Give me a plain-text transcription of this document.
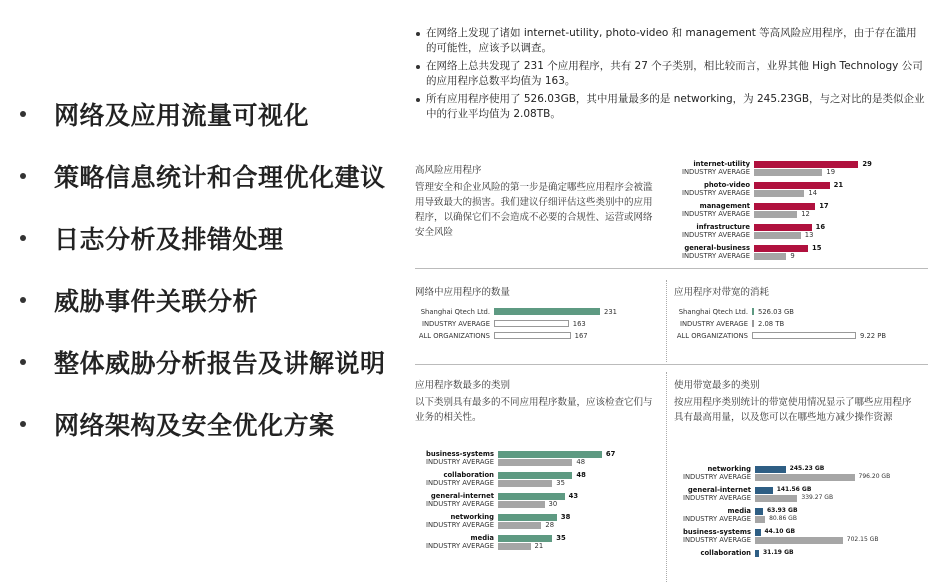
网络及应用流量可视化
策略信息统计和合理优化建议
日志分析及排错处理
威胁事件关联分析
整体威胁分析报告及讲解说明
网络架构及安全优化方案
在网络上发现了诸如 internet-utility, photo-video 和 management 等高风险应用程序，由于存在滥用的可能性，应该予以调查。
在网络上总共发现了 231 个应用程序，共有 27 个子类别，相比较而言，业界其他 High Technology 公司的应用程序总数平均值为 163。
所有应用程序使用了 526.03GB，其中用量最多的是 networking，为 245.23GB，与之对比的是类似企业中的行业平均值为 2.08TB。
高风险应用程序
管理安全和企业风险的第一步是确定哪些应用程序会被滥用导致最大的损害。我们建议仔细评估这些类别中的应用程序，以确保它们不会造成不必要的合规性、运营或网络安全风险
网络中应用程序的数量	应用程序对带宽的消耗
应用程序数最多的类别
以下类别具有最多的不同应用程序数量，应该检查它们与业务的相关性。
使用带宽最多的类别
按应用程序类别统计的带宽使用情况显示了哪些应用程序具有最高用量，以及您可以在哪些地方减少操作资源
internet-utility
INDUSTRY AVERAGE
29
19
photo-video
INDUSTRY AVERAGE
21
14
management
INDUSTRY AVERAGE
17
12
infrastructure
INDUSTRY AVERAGE
16
13
general-business
INDUSTRY AVERAGE
15
9
Shanghai Qtech Ltd.	231
INDUSTRY AVERAGE	163
ALL ORGANIZATIONS	167
Shanghai Qtech Ltd. 526.03 GB
INDUSTRY AVERAGE 2.08 TB
ALL ORGANIZATIONS	9.22 PB
business-systems
INDUSTRY AVERAGE
67
48
collaboration
INDUSTRY AVERAGE
48
35
general-internet
INDUSTRY AVERAGE
43
30
networking
INDUSTRY AVERAGE
38
28
media
INDUSTRY AVERAGE
35
21
networking	245.23 GB
INDUSTRY AVERAGE	796.20 GB
general-internet	141.56 GB
INDUSTRY AVERAGE	339.27 GB
media	63.93 GB
INDUSTRY AVERAGE	80.86 GB
business-systems 44.10 GB
INDUSTRY AVERAGE	702.15 GB
collaboration 31.19 GB
